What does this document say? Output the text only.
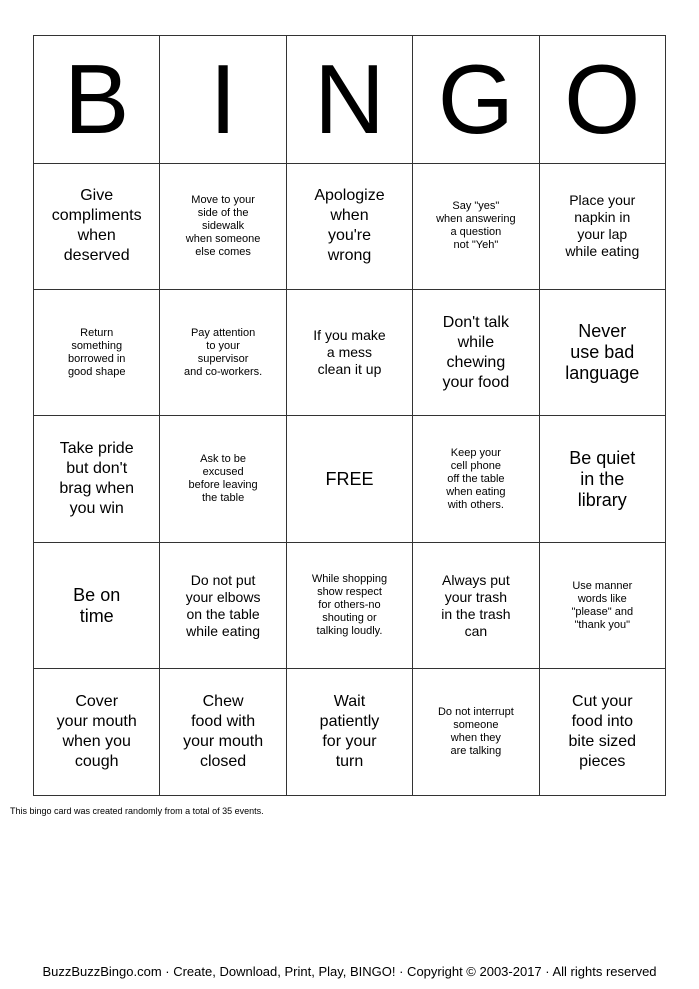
B	I	N	G	O

Give
compliments
when
deserved	Move to your
side of the
sidewalk
when someone
else comes	Apologize
when
you're
wrong	Say "yes"
when answering
a question
not "Yeh"	Place your
napkin in
your lap
while eating

Return
something
borrowed in
good shape	Pay attention
to your
supervisor
and co-workers.	If you make
a mess
clean it up	Don't talk
while
chewing
your food	Never
use bad
language

Take pride
but don't
brag when
you win	Ask to be
excused
before leaving
the table	FREE	Keep your
cell phone
off the table
when eating
with others.	Be quiet
in the
library

Be on
time	Do not put
your elbows
on the table
while eating	While shopping
show respect
for others-no
shouting or
talking loudly.	Always put
your trash
in the trash
can	Use manner
words like
"please" and
"thank you"

Cover
your mouth
when you
cough	Chew
food with
your mouth
closed	Wait
patiently
for your
turn	Do not interrupt
someone
when they
are talking	Cut your
food into
bite sized
pieces
This bingo card was created randomly from a total of 35 events.
BuzzBuzzBingo.com · Create, Download, Print, Play, BINGO! · Copyright © 2003-2017 · All rights reserved
